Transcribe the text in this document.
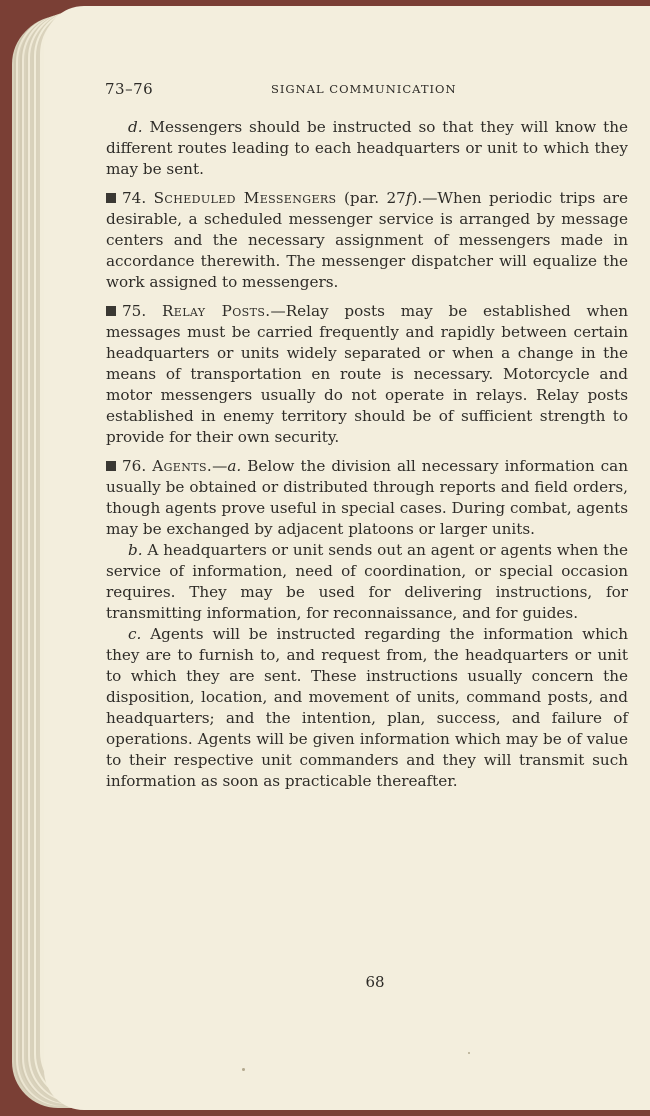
73–76	SIGNAL COMMUNICATION

d. Messengers should be instructed so that they will know the different routes leading to each headquarters or unit to which they may be sent.

74. Scheduled Messengers (par. 27f).—When periodic trips are desirable, a scheduled messenger service is arranged by message centers and the necessary assignment of messengers made in accordance therewith. The messenger dispatcher will equalize the work assigned to messengers.

75. Relay Posts.—Relay posts may be established when messages must be carried frequently and rapidly between certain headquarters or units widely separated or when a change in the means of transportation en route is necessary. Motorcycle and motor messengers usually do not operate in relays. Relay posts established in enemy territory should be of sufficient strength to provide for their own security.

76. Agents.—a. Below the division all necessary information can usually be obtained or distributed through reports and field orders, though agents prove useful in special cases. During combat, agents may be exchanged by adjacent platoons or larger units.

b. A headquarters or unit sends out an agent or agents when the service of information, need of coordination, or special occasion requires. They may be used for delivering instructions, for transmitting information, for reconnaissance, and for guides.

c. Agents will be instructed regarding the information which they are to furnish to, and request from, the headquarters or unit to which they are sent. These instructions usually concern the disposition, location, and movement of units, command posts, and headquarters; and the intention, plan, success, and failure of operations. Agents will be given information which may be of value to their respective unit commanders and they will transmit such information as soon as practicable thereafter.

68
